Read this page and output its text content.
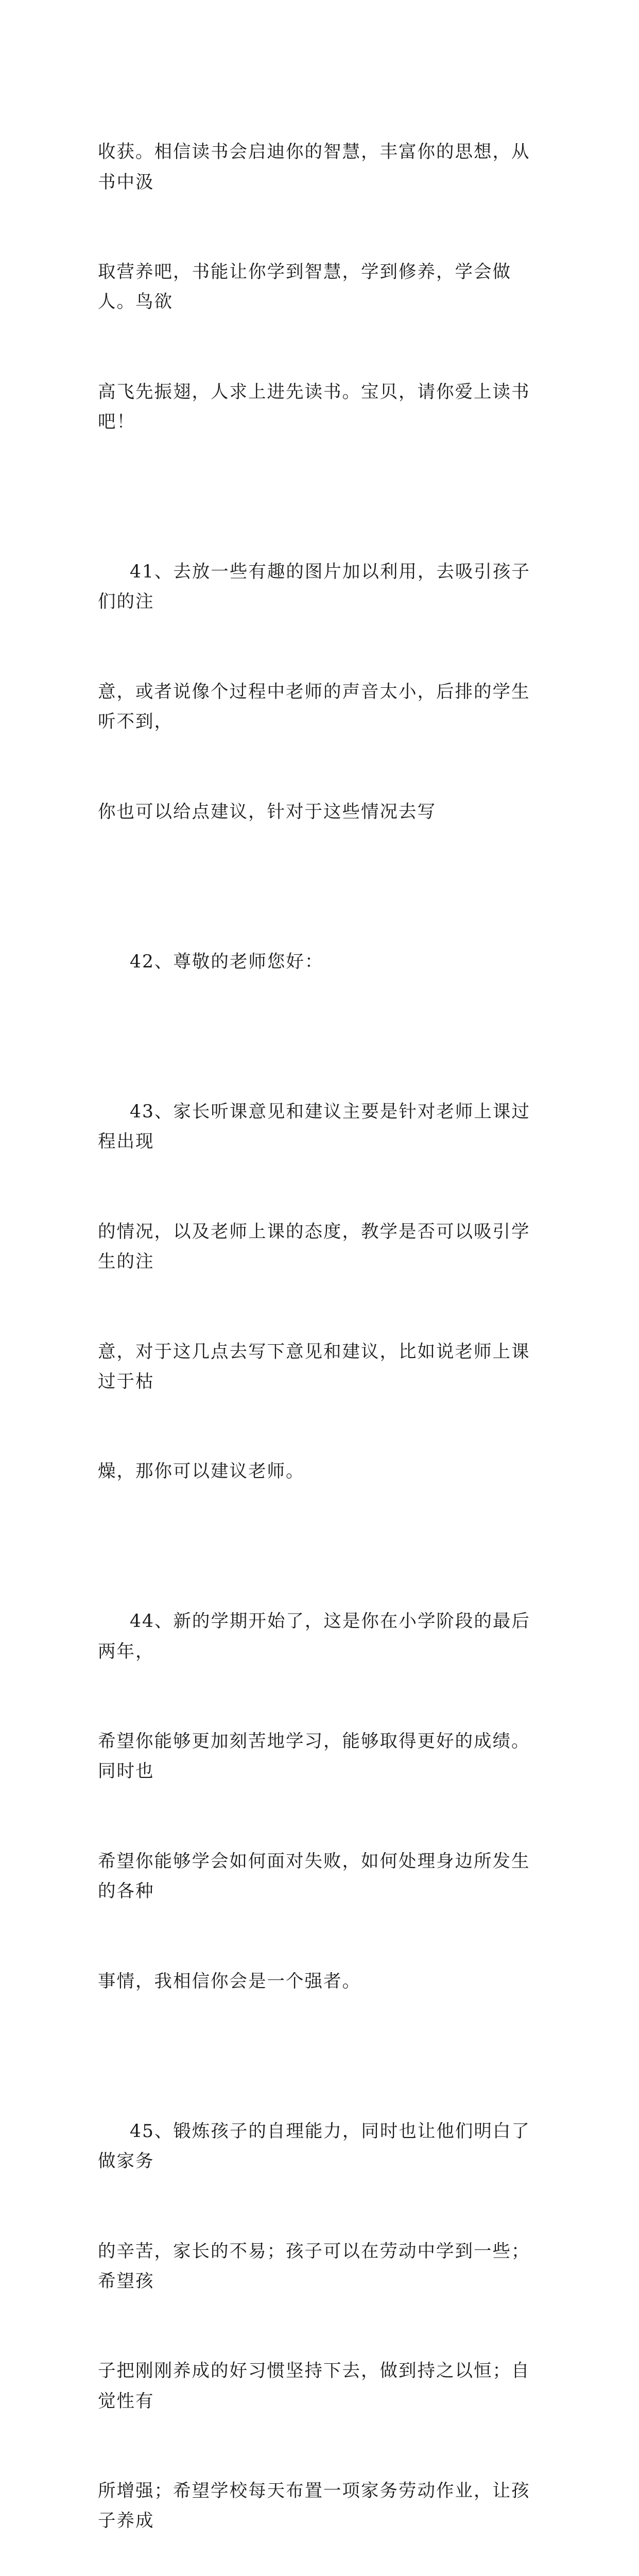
收获。相信读书会启迪你的智慧，丰富你的思想，从书中汲

取营养吧，书能让你学到智慧，学到修养，学会做人。鸟欲

高飞先振翅，人求上进先读书。宝贝，请你爱上读书吧！

41、去放一些有趣的图片加以利用，去吸引孩子们的注

意，或者说像个过程中老师的声音太小，后排的学生听不到，

你也可以给点建议，针对于这些情况去写

42、尊敬的老师您好：

43、家长听课意见和建议主要是针对老师上课过程出现

的情况，以及老师上课的态度，教学是否可以吸引学生的注

意，对于这几点去写下意见和建议，比如说老师上课过于枯

燥，那你可以建议老师。

44、新的学期开始了，这是你在小学阶段的最后两年，

希望你能够更加刻苦地学习，能够取得更好的成绩。同时也

希望你能够学会如何面对失败，如何处理身边所发生的各种

事情，我相信你会是一个强者。

45、锻炼孩子的自理能力，同时也让他们明白了做家务

的辛苦，家长的不易；孩子可以在劳动中学到一些；希望孩

子把刚刚养成的好习惯坚持下去，做到持之以恒；自觉性有

所增强；希望学校每天布置一项家务劳动作业，让孩子养成
